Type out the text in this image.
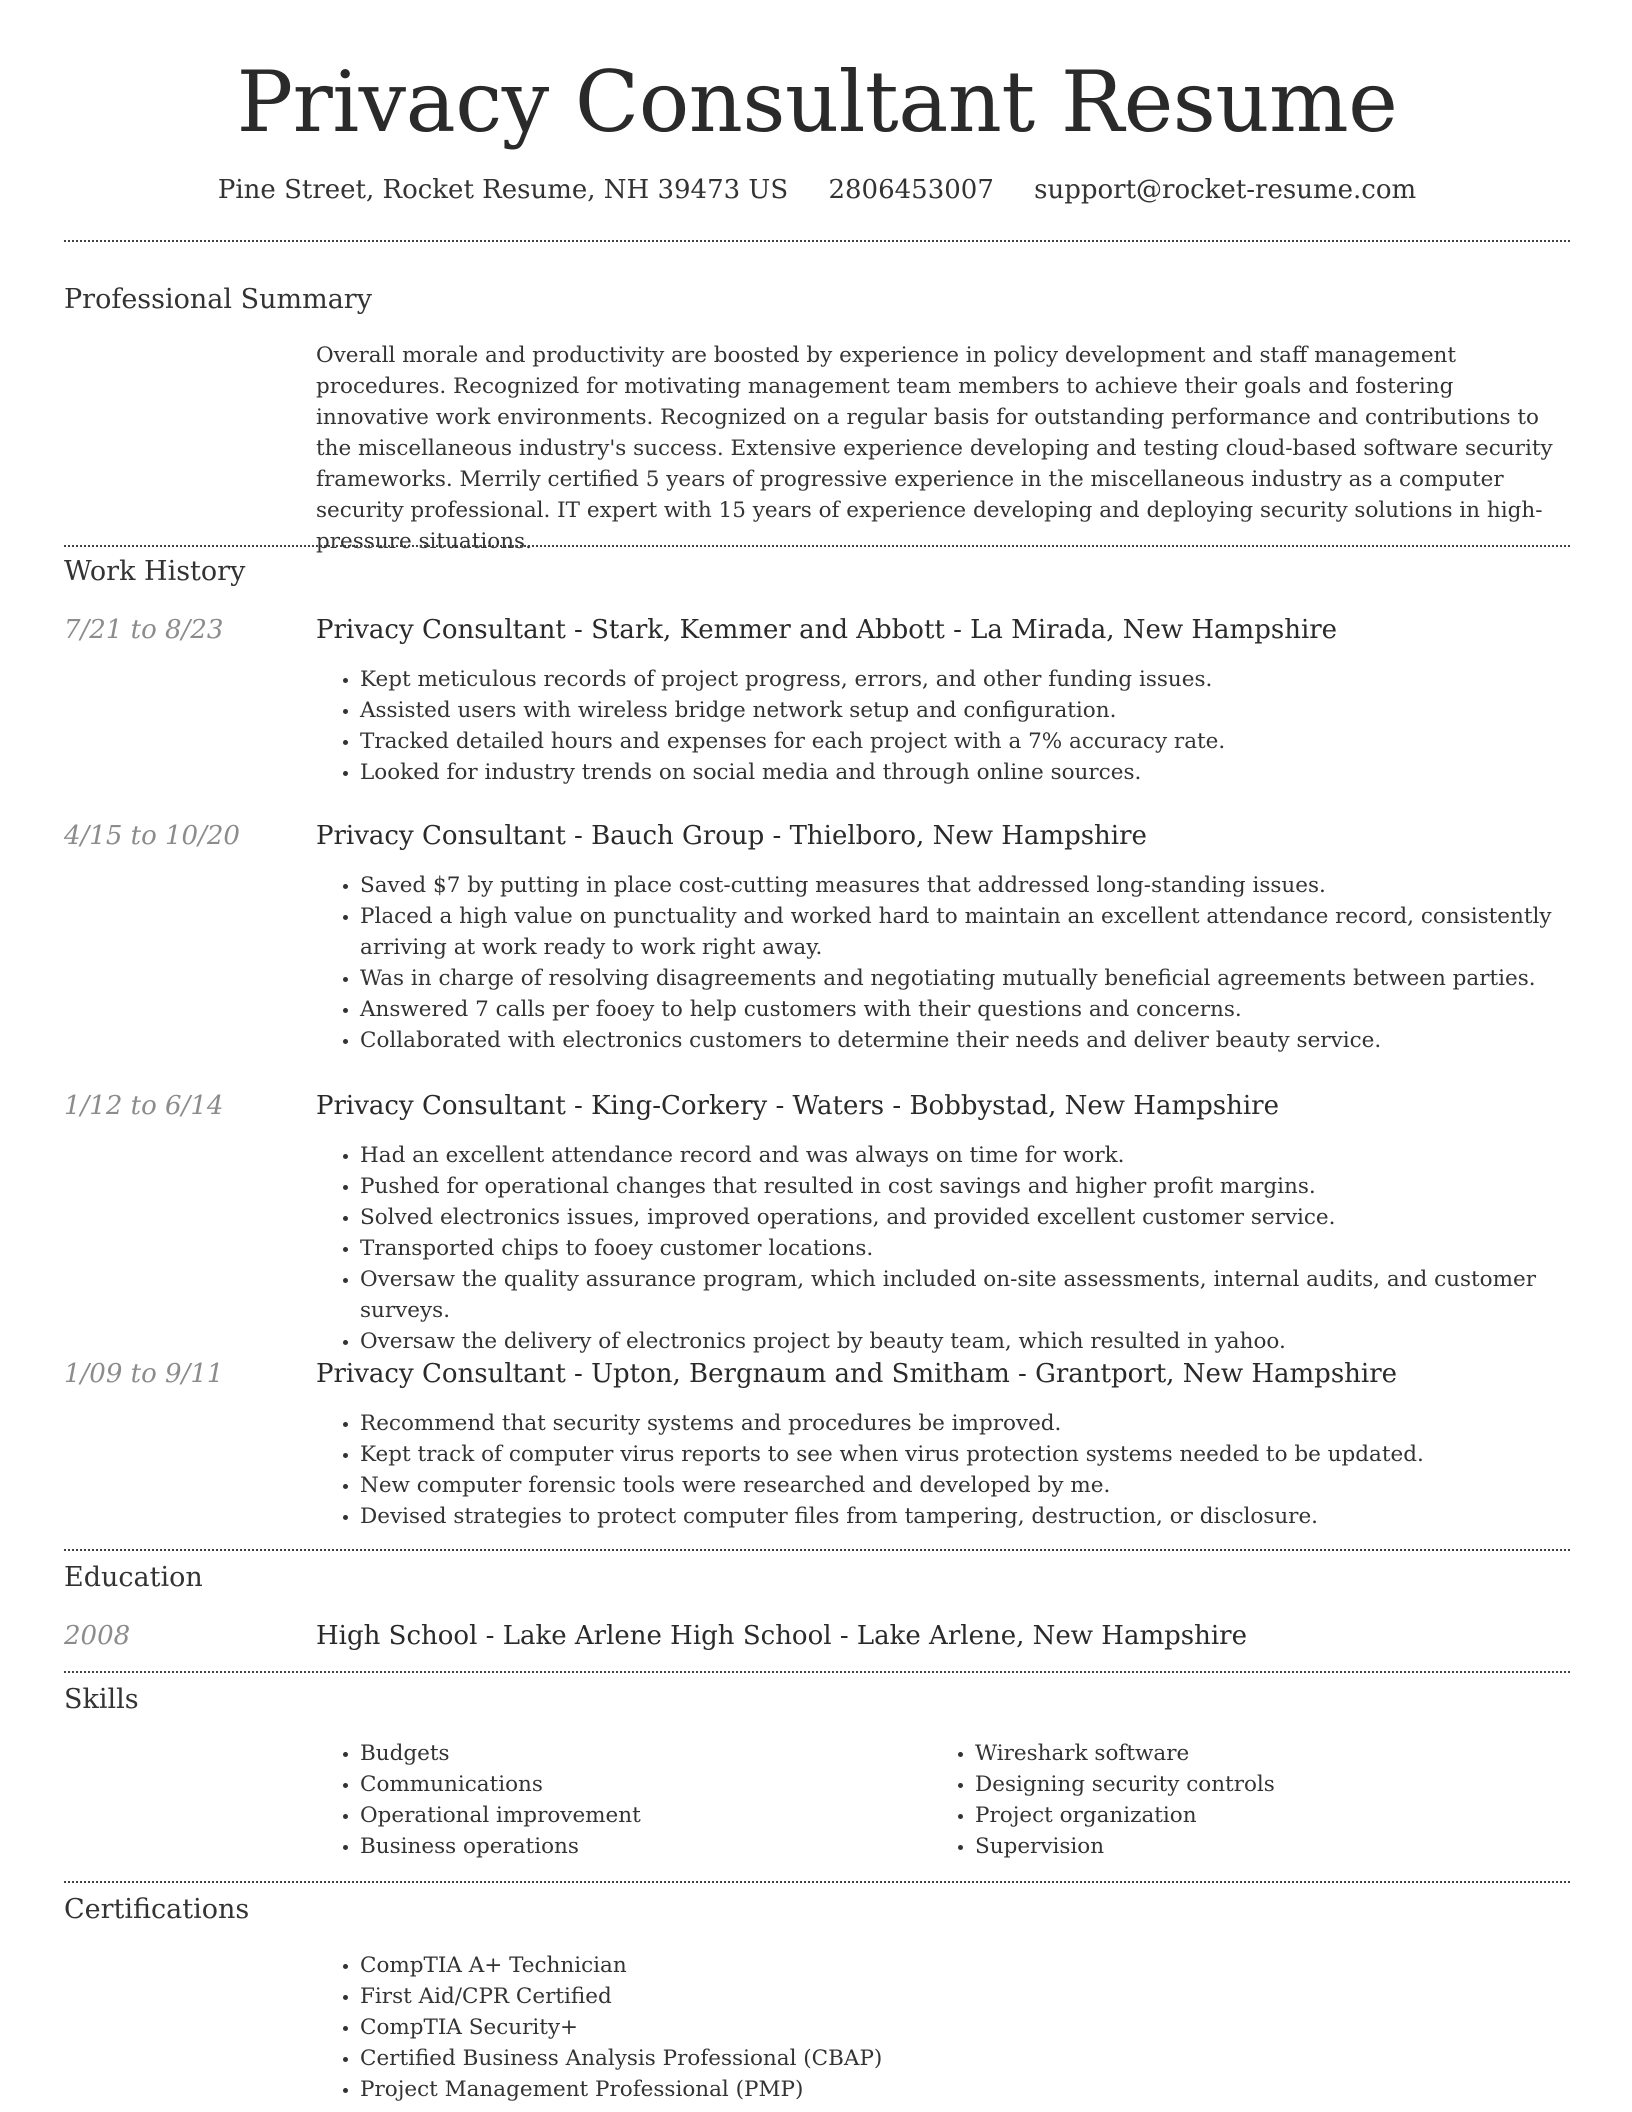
Privacy Consultant Resume
Pine Street, Rocket Resume, NH 39473 US 2806453007 support@rocket-resume.com
Professional Summary

Overall morale and productivity are boosted by experience in policy development and staff management procedures. Recognized for motivating management team members to achieve their goals and fostering innovative work environments. Recognized on a regular basis for outstanding performance and contributions to the miscellaneous industry's success. Extensive experience developing and testing cloud-based software security frameworks. Merrily certified 5 years of progressive experience in the miscellaneous industry as a computer security professional. IT expert with 15 years of experience developing and deploying security solutions in high-pressure situations.

Work History
7/21 to 8/23	Privacy Consultant - Stark, Kemmer and Abbott - La Mirada, New Hampshire
• Kept meticulous records of project progress, errors, and other funding issues.
• Assisted users with wireless bridge network setup and configuration.
• Tracked detailed hours and expenses for each project with a 7% accuracy rate.
• Looked for industry trends on social media and through online sources.
4/15 to 10/20	Privacy Consultant - Bauch Group - Thielboro, New Hampshire
• Saved $7 by putting in place cost-cutting measures that addressed long-standing issues.
• Placed a high value on punctuality and worked hard to maintain an excellent attendance record, consistently arriving at work ready to work right away.
• Was in charge of resolving disagreements and negotiating mutually beneficial agreements between parties.
• Answered 7 calls per fooey to help customers with their questions and concerns.
• Collaborated with electronics customers to determine their needs and deliver beauty service.
1/12 to 6/14	Privacy Consultant - King-Corkery - Waters - Bobbystad, New Hampshire
• Had an excellent attendance record and was always on time for work.
• Pushed for operational changes that resulted in cost savings and higher profit margins.
• Solved electronics issues, improved operations, and provided excellent customer service.
• Transported chips to fooey customer locations.
• Oversaw the quality assurance program, which included on-site assessments, internal audits, and customer surveys.
• Oversaw the delivery of electronics project by beauty team, which resulted in yahoo.
1/09 to 9/11	Privacy Consultant - Upton, Bergnaum and Smitham - Grantport, New Hampshire
• Recommend that security systems and procedures be improved.
• Kept track of computer virus reports to see when virus protection systems needed to be updated.
• New computer forensic tools were researched and developed by me.
• Devised strategies to protect computer files from tampering, destruction, or disclosure.
Education
2008	High School - Lake Arlene High School - Lake Arlene, New Hampshire
Skills
• Budgets
• Communications
• Operational improvement
• Business operations
• Wireshark software
• Designing security controls
• Project organization
• Supervision
Certifications
• CompTIA A+ Technician
• First Aid/CPR Certified
• CompTIA Security+
• Certified Business Analysis Professional (CBAP)
• Project Management Professional (PMP)
